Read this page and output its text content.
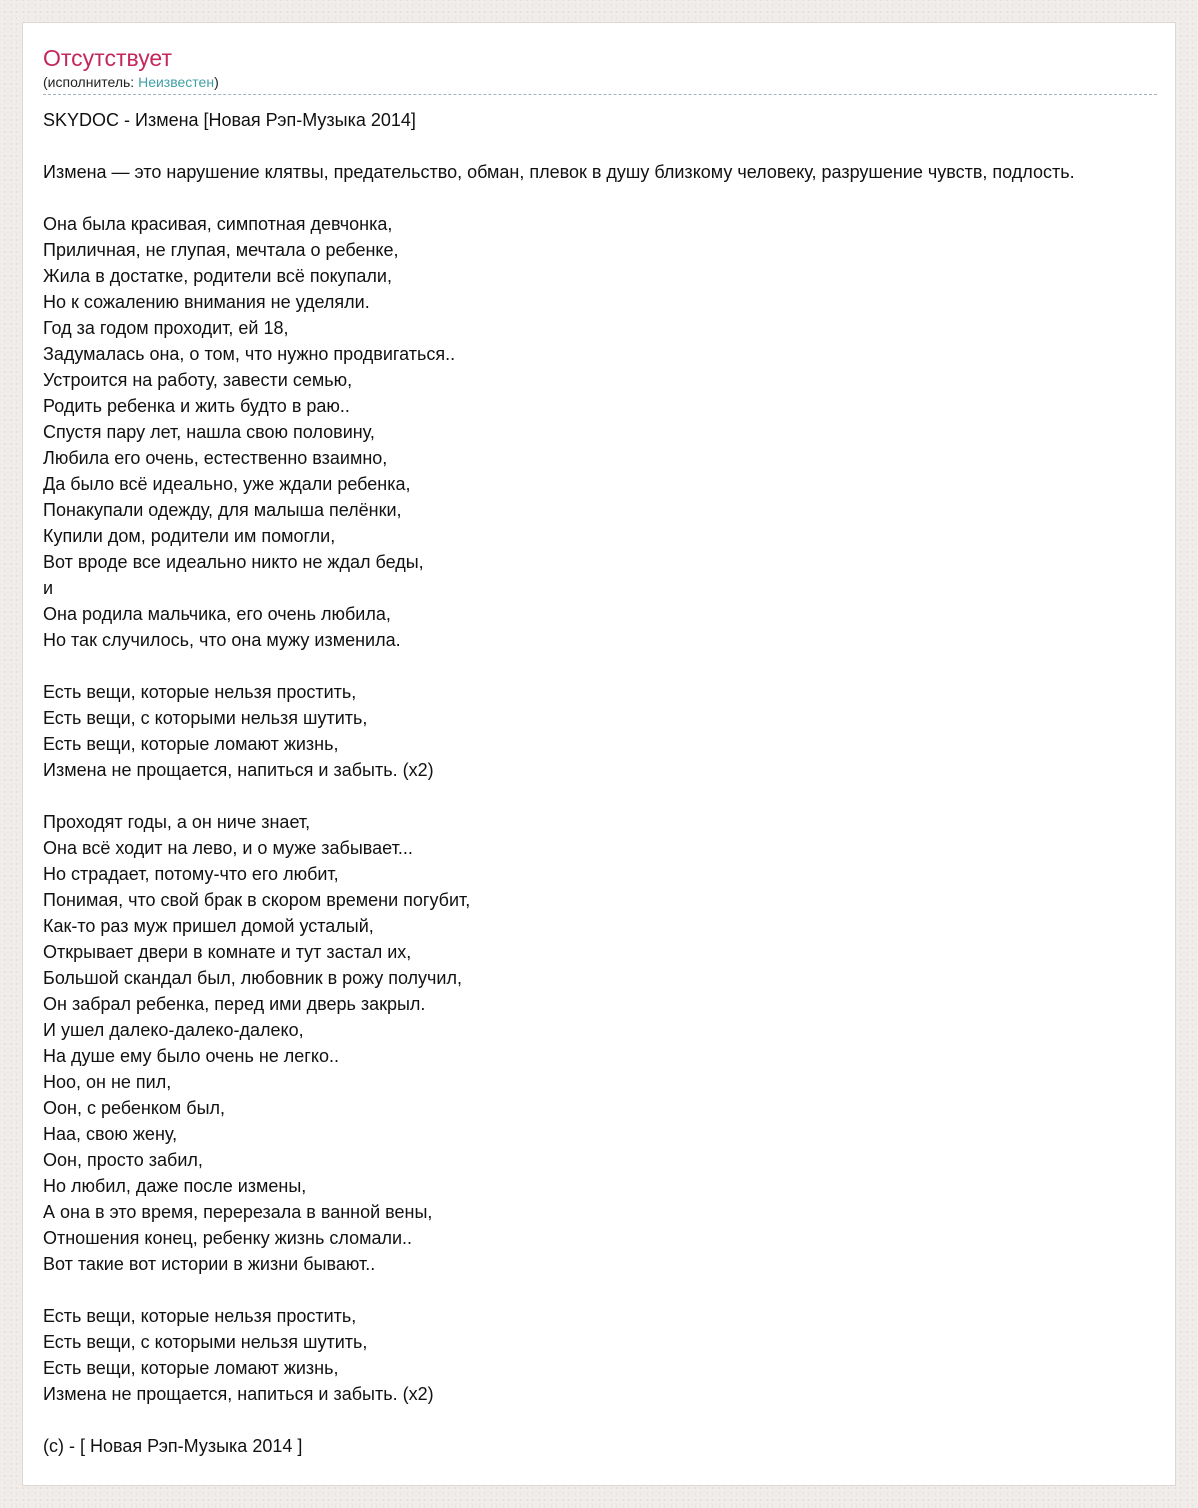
Отсутствует

(исполнитель: Неизвестен)

SKYDOC - Измена [Новая Рэп-Музыка 2014]
Измена — это нарушение клятвы, предательство, обман, плевок в душу близкому человеку, разрушение чувств, подлость.
Она была красивая, симпотная девчонка,
Приличная, не глупая, мечтала о ребенке,
Жила в достатке, родители всё покупали,
Но к сожалению внимания не уделяли.
Год за годом проходит, ей 18,
Задумалась она, о том, что нужно продвигаться..
Устроится на работу, завести семью,
Родить ребенка и жить будто в раю..
Спустя пару лет, нашла свою половину,
Любила его очень, естественно взаимно,
Да было всё идеально, уже ждали ребенка,
Понакупали одежду, для малыша пелёнки,
Купили дом, родители им помогли,
Вот вроде все идеально никто не ждал беды,
и
Она родила мальчика, его очень любила,
Но так случилось, что она мужу изменила.
Есть вещи, которые нельзя простить,
Есть вещи, с которыми нельзя шутить,
Есть вещи, которые ломают жизнь,
Измена не прощается, напиться и забыть. (x2)
Проходят годы, а он ниче знает,
Она всё ходит на лево, и о муже забывает...
Но страдает, потому-что его любит,
Понимая, что свой брак в скором времени погубит,
Как-то раз муж пришел домой усталый,
Открывает двери в комнате и тут застал их,
Большой скандал был, любовник в рожу получил,
Он забрал ребенка, перед ими дверь закрыл.
И ушел далеко-далеко-далеко,
На душе ему было очень не легко..
Ноо, он не пил,
Оон, с ребенком был,
Наа, свою жену,
Оон, просто забил,
Но любил, даже после измены,
А она в это время, перерезала в ванной вены,
Отношения конец, ребенку жизнь сломали..
Вот такие вот истории в жизни бывают..
Есть вещи, которые нельзя простить,
Есть вещи, с которыми нельзя шутить,
Есть вещи, которые ломают жизнь,
Измена не прощается, напиться и забыть. (x2)
(c) - [ Новая Рэп-Музыка 2014 ]
